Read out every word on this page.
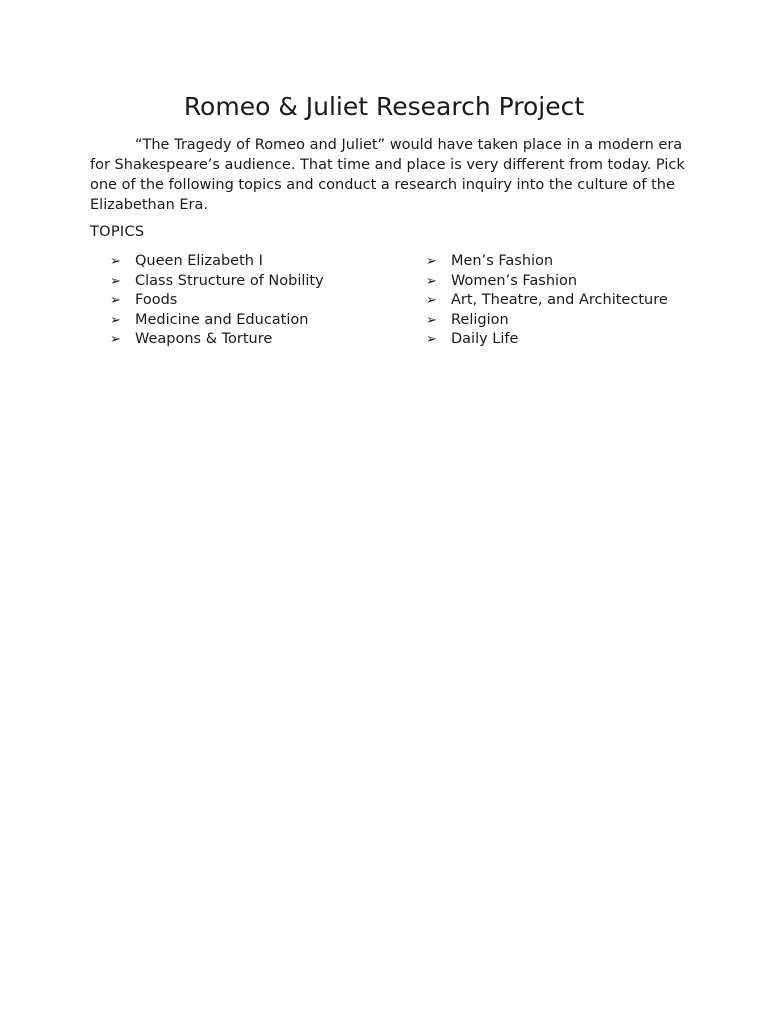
Romeo & Juliet Research Project

“The Tragedy of Romeo and Juliet” would have taken place in a modern era for Shakespeare’s audience. That time and place is very different from today. Pick one of the following topics and conduct a research inquiry into the culture of the Elizabethan Era.

TOPICS

➢ Queen Elizabeth I
➢ Class Structure of Nobility
➢ Foods
➢ Medicine and Education
➢ Weapons & Torture
➢ Men’s Fashion
➢ Women’s Fashion
➢ Art, Theatre, and Architecture
➢ Religion
➢ Daily Life
